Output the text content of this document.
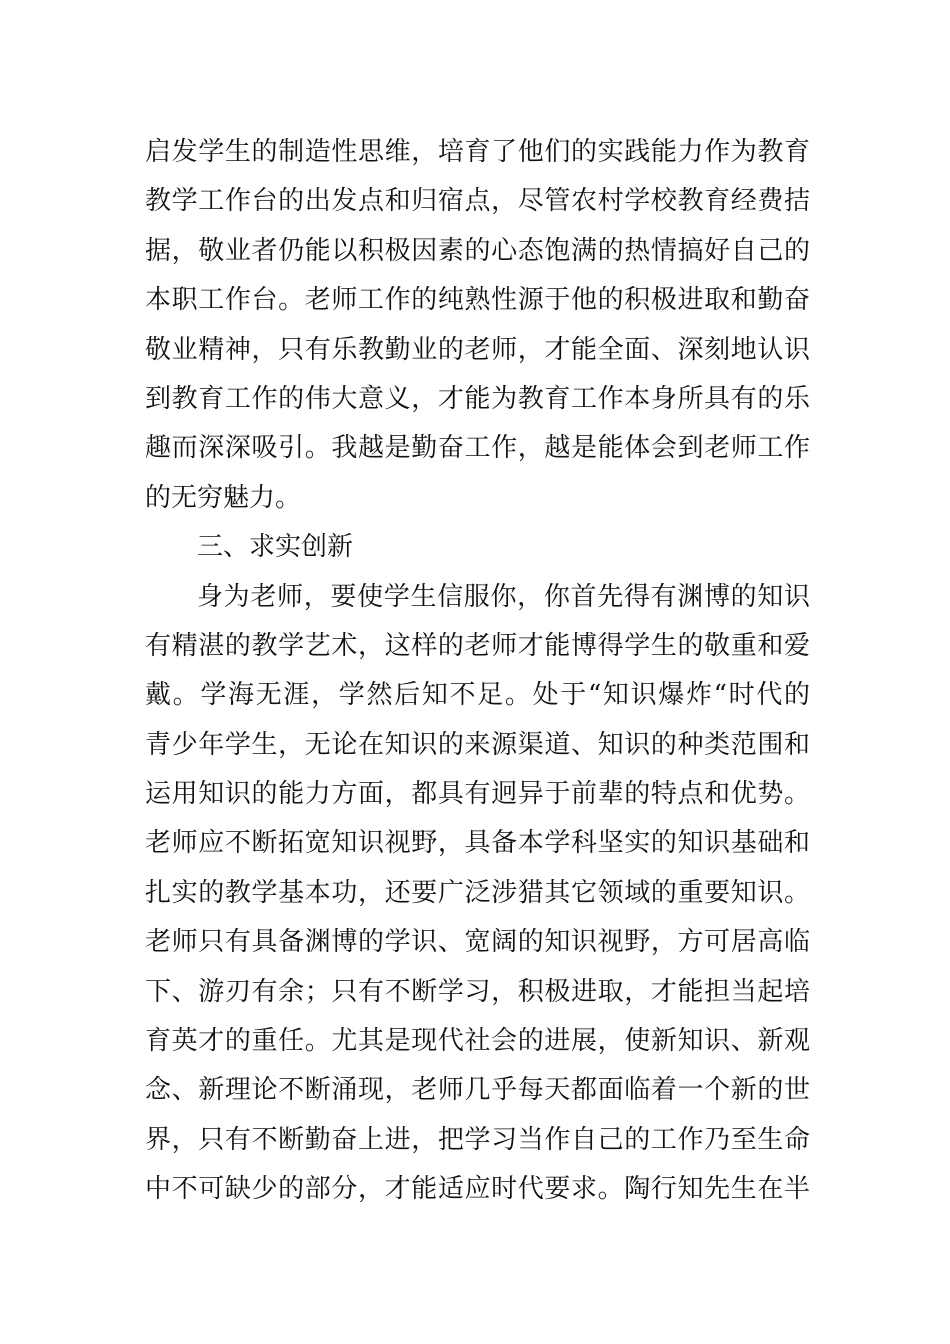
启发学生的制造性思维，培育了他们的实践能力作为教育
教学工作台的出发点和归宿点，尽管农村学校教育经费拮
据，敬业者仍能以积极因素的心态饱满的热情搞好自己的
本职工作台。老师工作的纯熟性源于他的积极进取和勤奋
敬业精神，只有乐教勤业的老师，才能全面、深刻地认识
到教育工作的伟大意义，才能为教育工作本身所具有的乐
趣而深深吸引。我越是勤奋工作，越是能体会到老师工作
的无穷魅力。
三、求实创新
身为老师，要使学生信服你，你首先得有渊博的知识
有精湛的教学艺术，这样的老师才能博得学生的敬重和爱
戴。学海无涯，学然后知不足。处于“知识爆炸“时代的
青少年学生，无论在知识的来源渠道、知识的种类范围和
运用知识的能力方面，都具有迥异于前辈的特点和优势。
老师应不断拓宽知识视野，具备本学科坚实的知识基础和
扎实的教学基本功，还要广泛涉猎其它领域的重要知识。
老师只有具备渊博的学识、宽阔的知识视野，方可居高临
下、游刃有余；只有不断学习，积极进取，才能担当起培
育英才的重任。尤其是现代社会的进展，使新知识、新观
念、新理论不断涌现，老师几乎每天都面临着一个新的世
界，只有不断勤奋上进，把学习当作自己的工作乃至生命
中不可缺少的部分，才能适应时代要求。陶行知先生在半
